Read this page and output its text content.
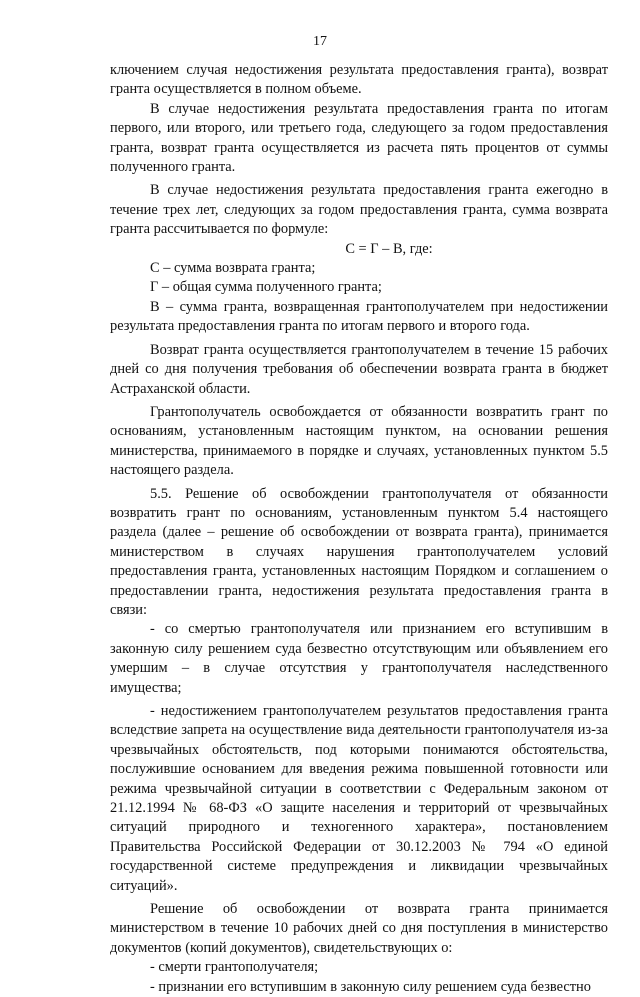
17

ключением случая недостижения результата предоставления гранта), возврат гранта осуществляется в полном объеме.

В случае недостижения результата предоставления гранта по итогам первого, или второго, или третьего года, следующего за годом предоставления гранта, возврат гранта осуществляется из расчета пять процентов от суммы полученного гранта.

В случае недостижения результата предоставления гранта ежегодно в течение трех лет, следующих за годом предоставления гранта, сумма возврата гранта рассчитывается по формуле:

С = Г – В, где:

С – сумма возврата гранта;

Г – общая сумма полученного гранта;

В – сумма гранта, возвращенная грантополучателем при недостижении результата предоставления гранта по итогам первого и второго года.

Возврат гранта осуществляется грантополучателем в течение 15 рабочих дней со дня получения требования об обеспечении возврата гранта в бюджет Астраханской области.

Грантополучатель освобождается от обязанности возвратить грант по основаниям, установленным настоящим пунктом, на основании решения министерства, принимаемого в порядке и случаях, установленных пунктом 5.5 настоящего раздела.

5.5. Решение об освобождении грантополучателя от обязанности возвратить грант по основаниям, установленным пунктом 5.4 настоящего раздела (далее – решение об освобождении от возврата гранта), принимается министерством в случаях нарушения грантополучателем условий предоставления гранта, установленных настоящим Порядком и соглашением о предоставлении гранта, недостижения результата предоставления гранта в связи:

- со смертью грантополучателя или признанием его вступившим в законную силу решением суда безвестно отсутствующим или объявлением его умершим – в случае отсутствия у грантополучателя наследственного имущества;

- недостижением грантополучателем результатов предоставления гранта вследствие запрета на осуществление вида деятельности грантополучателя из-за чрезвычайных обстоятельств, под которыми понимаются обстоятельства, послужившие основанием для введения режима повышенной готовности или режима чрезвычайной ситуации в соответствии с Федеральным законом от 21.12.1994 № 68-ФЗ «О защите населения и территорий от чрезвычайных ситуаций природного и техногенного характера», постановлением Правительства Российской Федерации от 30.12.2003 № 794 «О единой государственной системе предупреждения и ликвидации чрезвычайных ситуаций».

Решение об освобождении от возврата гранта принимается министерством в течение 10 рабочих дней со дня поступления в министерство документов (копий документов), свидетельствующих о:

- смерти грантополучателя;

- признании его вступившим в законную силу решением суда безвестно
